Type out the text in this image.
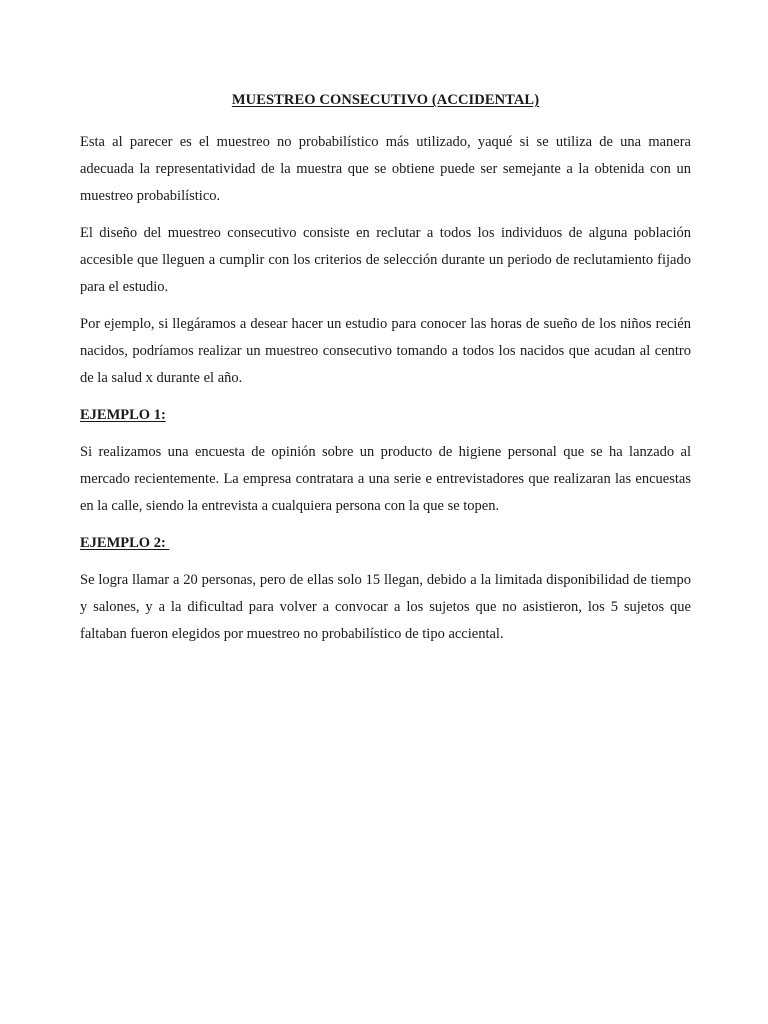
MUESTREO CONSECUTIVO (ACCIDENTAL)

Esta al parecer es el muestreo no probabilístico más utilizado, yaqué si se utiliza de una manera adecuada la representatividad de la muestra que se obtiene puede ser semejante a la obtenida con un muestreo probabilístico.

El diseño del muestreo consecutivo consiste en reclutar a todos los individuos de alguna población accesible que lleguen a cumplir con los criterios de selección durante un periodo de reclutamiento fijado para el estudio.

Por ejemplo, si llegáramos a desear hacer un estudio para conocer las horas de sueño de los niños recién nacidos, podríamos realizar un muestreo consecutivo tomando a todos los nacidos que acudan al centro de la salud x durante el año.

EJEMPLO 1:

Si realizamos una encuesta de opinión sobre un producto de higiene personal que se ha lanzado al mercado recientemente. La empresa contratara a una serie e entrevistadores que realizaran las encuestas en la calle, siendo la entrevista a cualquiera persona con la que se topen.

EJEMPLO 2:

Se logra llamar a 20 personas, pero de ellas solo 15 llegan, debido a la limitada disponibilidad de tiempo y salones, y a la dificultad para volver a convocar a los sujetos que no asistieron, los 5 sujetos que faltaban fueron elegidos por muestreo no probabilístico de tipo acciental.
